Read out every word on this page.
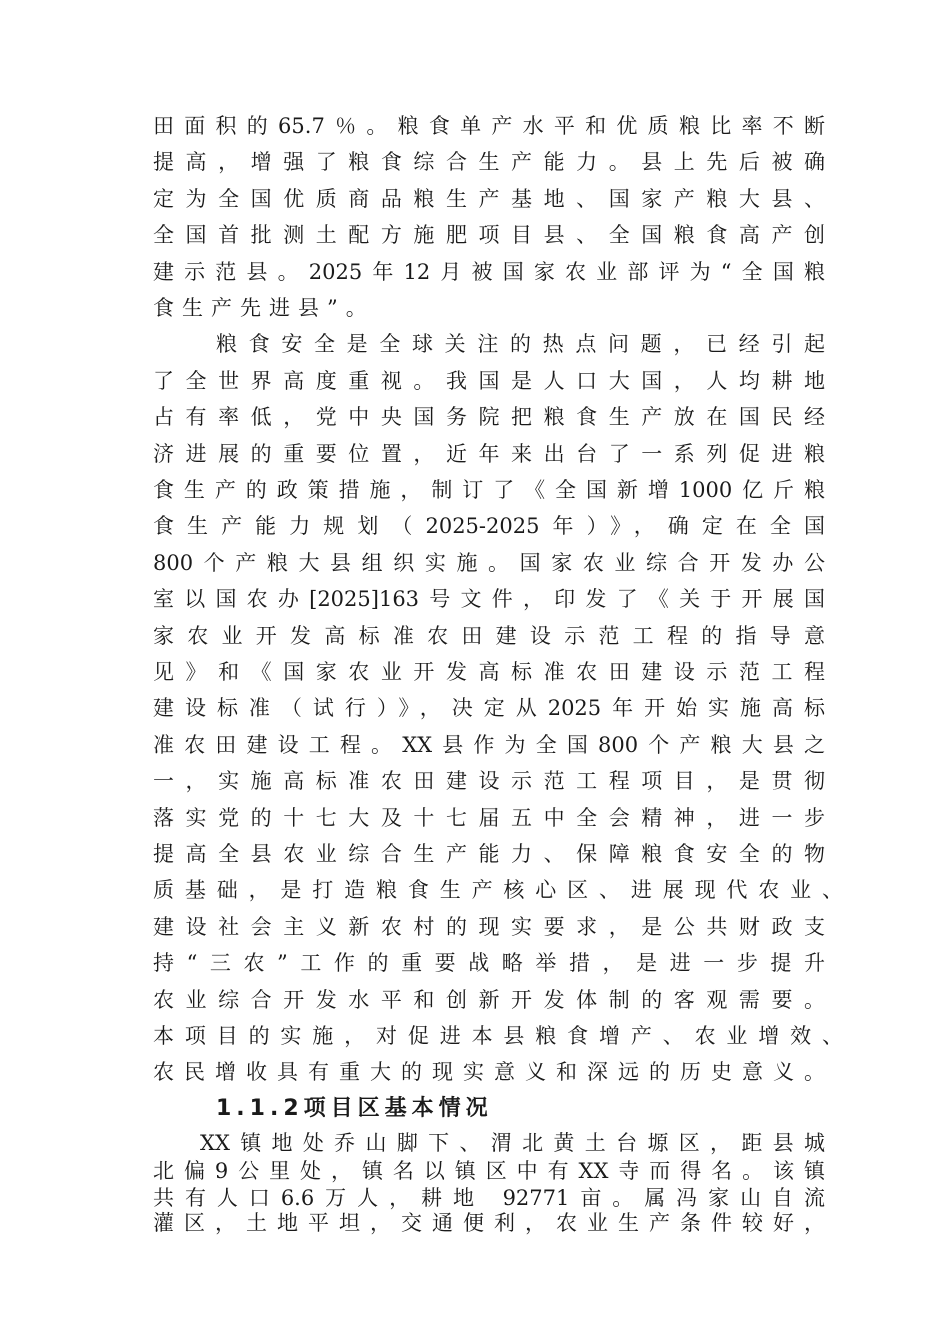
田面积的65.7％。粮食单产水平和优质粮比率不断
提高，增强了粮食综合生产能力。县上先后被确
定为全国优质商品粮生产基地、国家产粮大县、
全国首批测土配方施肥项目县、全国粮食高产创
建示范县。2025年12月被国家农业部评为“全国粮
食生产先进县”。
粮食安全是全球关注的热点问题，已经引起
了全世界高度重视。我国是人口大国，人均耕地
占有率低，党中央国务院把粮食生产放在国民经
济进展的重要位置，近年来出台了一系列促进粮
食生产的政策措施，制订了《全国新增1000亿斤粮
食生产能力规划（2025-2025年）》，确定在全国
800个产粮大县组织实施。国家农业综合开发办公
室以国农办[2025]163号文件，印发了《关于开展国
家农业开发高标准农田建设示范工程的指导意
见》和《国家农业开发高标准农田建设示范工程
建设标准（试行）》，决定从2025年开始实施高标
准农田建设工程。XX县作为全国800个产粮大县之
一，实施高标准农田建设示范工程项目，是贯彻
落实党的十七大及十七届五中全会精神，进一步
提高全县农业综合生产能力、保障粮食安全的物
质基础，是打造粮食生产核心区、进展现代农业、
建设社会主义新农村的现实要求，是公共财政支
持“三农”工作的重要战略举措，是进一步提升
农业综合开发水平和创新开发体制的客观需要。
本项目的实施，对促进本县粮食增产、农业增效、
农民增收具有重大的现实意义和深远的历史意义。
1.1.2项目区基本情况
XX镇地处乔山脚下、渭北黄土台塬区，距县城
北偏9公里处，镇名以镇区中有XX寺而得名。该镇
共有人口6.6万人，耕地 92771亩。属冯家山自流
灌区，土地平坦，交通便利，农业生产条件较好，
